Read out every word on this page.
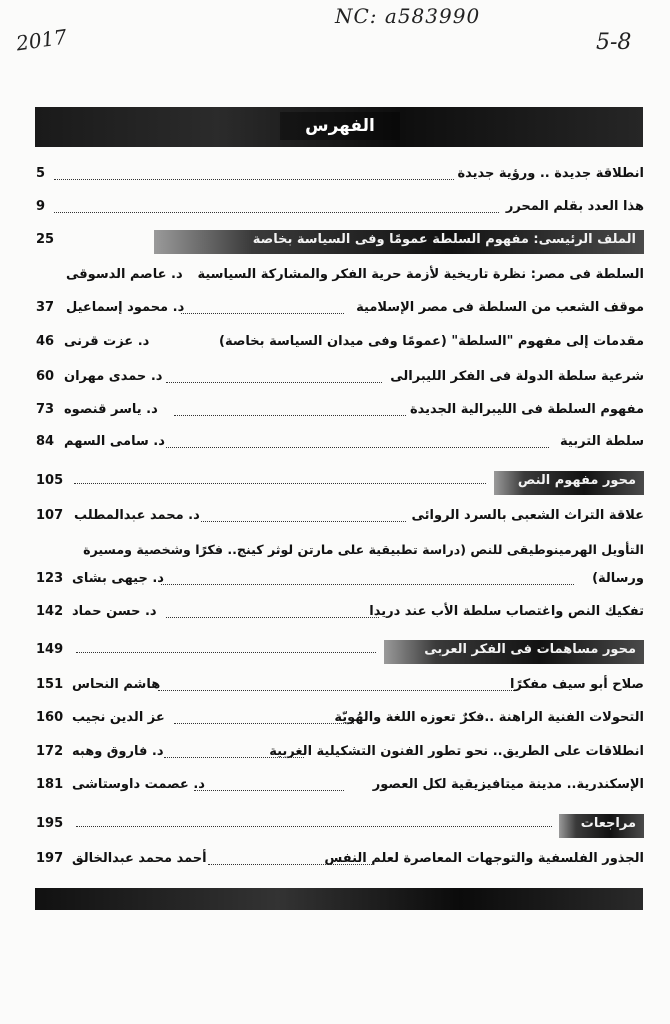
NC: a583990
2017	5-8
الفهرس
انطلاقة جديدة .. ورؤية جديدة
5
هذا العدد بقلم المحرر
9
الملف الرئيسى: مفهوم السلطة عمومًا وفى السياسة بخاصة
25
السلطة فى مصر: نظرة تاريخية لأزمة حرية الفكر والمشاركة السياسية
د. عاصم الدسوقى
موقف الشعب من السلطة فى مصر الإسلامية
د. محمود إسماعيل
37
مقدمات إلى مفهوم "السلطة" (عمومًا وفى ميدان السياسة بخاصة)
د. عزت قرنى
46
شرعية سلطة الدولة فى الفكر الليبرالى
د. حمدى مهران
60
مفهوم السلطة فى الليبرالية الجديدة
د. ياسر قنصوه
73
سلطة التربية
د. سامى السهم
84
محور مفهوم النص
105
علاقة التراث الشعبى بالسرد الروائى
د. محمد عبدالمطلب
107
التأويل الهرمينوطيقى للنص (دراسة تطبيقية على مارتن لوثر كينج.. فكرًا وشخصية ومسيرة
ورسالة)
د. جيهى بشاى
123
تفكيك النص واغتصاب سلطة الأب عند دريدا
د. حسن حماد
142
محور مساهمات فى الفكر العربى
149
صلاح أبو سيف مفكرًا
هاشم النحاس
151
التحولات الفنية الراهنة ..فكرٌ تعوزه اللغة والهُويّة
عز الدين نجيب
160
انطلاقات على الطريق.. نحو تطور الفنون التشكيلية الغربية
د. فاروق وهبه
172
الإسكندرية.. مدينة ميتافيزيقية لكل العصور
د. عصمت داوستاشى
181
مراجعات
195
الجذور الفلسفية والتوجهات المعاصرة لعلم النفس
أحمد محمد عبدالخالق
197
